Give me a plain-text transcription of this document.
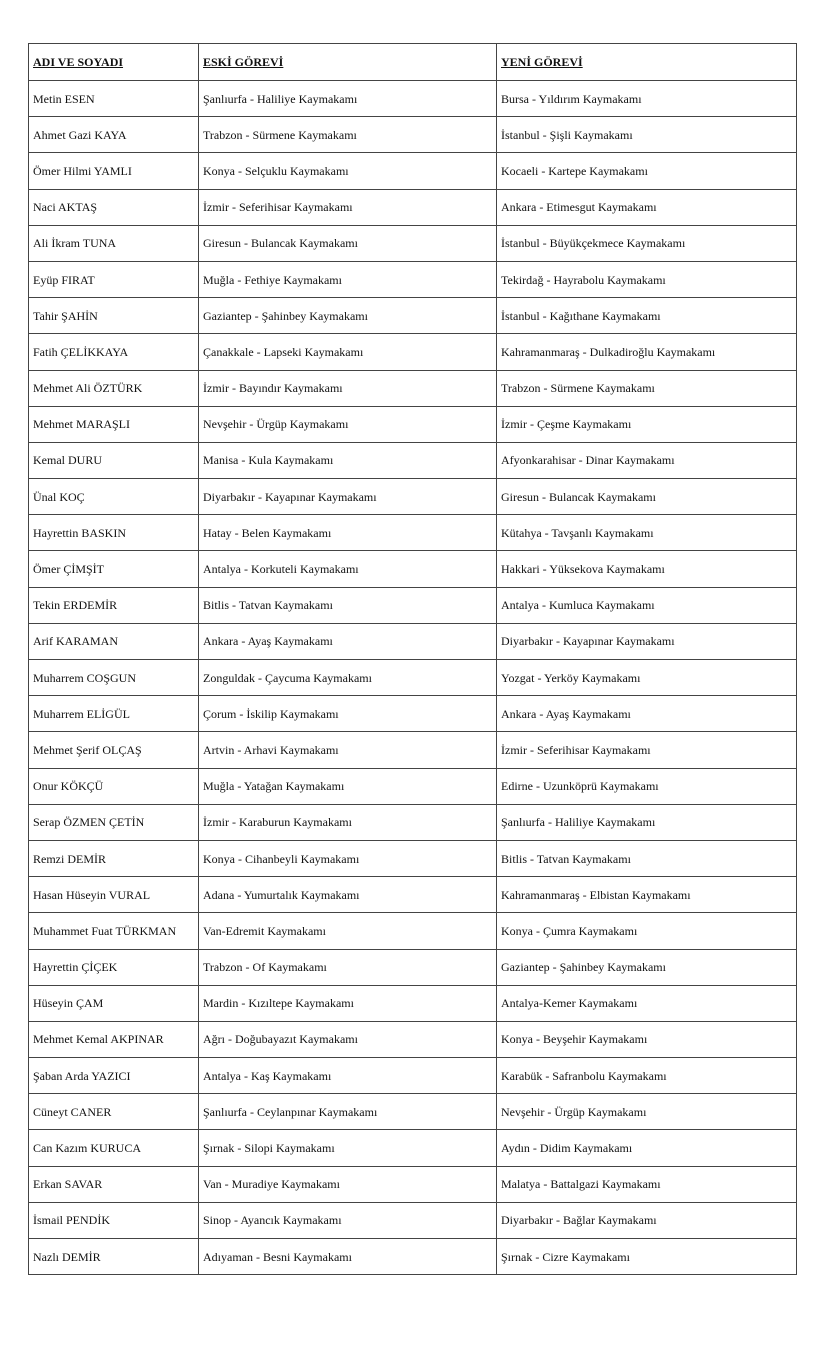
ADI VE SOYADI	ESKİ GÖREVİ	YENİ GÖREVİ
Metin ESEN	Şanlıurfa - Haliliye Kaymakamı	Bursa - Yıldırım Kaymakamı
Ahmet Gazi KAYA	Trabzon - Sürmene Kaymakamı	İstanbul - Şişli Kaymakamı
Ömer Hilmi YAMLI	Konya - Selçuklu Kaymakamı	Kocaeli - Kartepe Kaymakamı
Naci AKTAŞ	İzmir - Seferihisar Kaymakamı	Ankara - Etimesgut Kaymakamı
Ali İkram TUNA	Giresun - Bulancak Kaymakamı	İstanbul - Büyükçekmece Kaymakamı
Eyüp FIRAT	Muğla - Fethiye Kaymakamı	Tekirdağ - Hayrabolu Kaymakamı
Tahir ŞAHİN	Gaziantep - Şahinbey Kaymakamı	İstanbul - Kağıthane Kaymakamı
Fatih ÇELİKKAYA	Çanakkale - Lapseki Kaymakamı	Kahramanmaraş - Dulkadiroğlu Kaymakamı
Mehmet Ali ÖZTÜRK	İzmir - Bayındır Kaymakamı	Trabzon - Sürmene Kaymakamı
Mehmet MARAŞLI	Nevşehir - Ürgüp Kaymakamı	İzmir - Çeşme Kaymakamı
Kemal DURU	Manisa - Kula Kaymakamı	Afyonkarahisar - Dinar Kaymakamı
Ünal KOÇ	Diyarbakır - Kayapınar Kaymakamı	Giresun - Bulancak Kaymakamı
Hayrettin BASKIN	Hatay - Belen Kaymakamı	Kütahya - Tavşanlı Kaymakamı
Ömer ÇİMŞİT	Antalya - Korkuteli Kaymakamı	Hakkari - Yüksekova Kaymakamı
Tekin ERDEMİR	Bitlis - Tatvan Kaymakamı	Antalya - Kumluca Kaymakamı
Arif KARAMAN	Ankara - Ayaş Kaymakamı	Diyarbakır - Kayapınar Kaymakamı
Muharrem COŞGUN	Zonguldak - Çaycuma Kaymakamı	Yozgat - Yerköy Kaymakamı
Muharrem ELİGÜL	Çorum - İskilip Kaymakamı	Ankara - Ayaş Kaymakamı
Mehmet Şerif OLÇAŞ	Artvin - Arhavi Kaymakamı	İzmir - Seferihisar Kaymakamı
Onur KÖKÇÜ	Muğla - Yatağan Kaymakamı	Edirne - Uzunköprü Kaymakamı
Serap ÖZMEN ÇETİN	İzmir - Karaburun Kaymakamı	Şanlıurfa - Haliliye Kaymakamı
Remzi DEMİR	Konya - Cihanbeyli Kaymakamı	Bitlis - Tatvan Kaymakamı
Hasan Hüseyin VURAL	Adana - Yumurtalık Kaymakamı	Kahramanmaraş - Elbistan Kaymakamı
Muhammet Fuat TÜRKMAN	Van-Edremit Kaymakamı	Konya - Çumra Kaymakamı
Hayrettin ÇİÇEK	Trabzon - Of Kaymakamı	Gaziantep - Şahinbey Kaymakamı
Hüseyin ÇAM	Mardin - Kızıltepe Kaymakamı	Antalya-Kemer Kaymakamı
Mehmet Kemal AKPINAR	Ağrı - Doğubayazıt Kaymakamı	Konya - Beyşehir Kaymakamı
Şaban Arda YAZICI	Antalya - Kaş Kaymakamı	Karabük - Safranbolu Kaymakamı
Cüneyt CANER	Şanlıurfa - Ceylanpınar Kaymakamı	Nevşehir - Ürgüp Kaymakamı
Can Kazım KURUCA	Şırnak - Silopi Kaymakamı	Aydın - Didim Kaymakamı
Erkan SAVAR	Van - Muradiye Kaymakamı	Malatya - Battalgazi Kaymakamı
İsmail PENDİK	Sinop - Ayancık Kaymakamı	Diyarbakır - Bağlar Kaymakamı
Nazlı DEMİR	Adıyaman - Besni Kaymakamı	Şırnak - Cizre Kaymakamı
